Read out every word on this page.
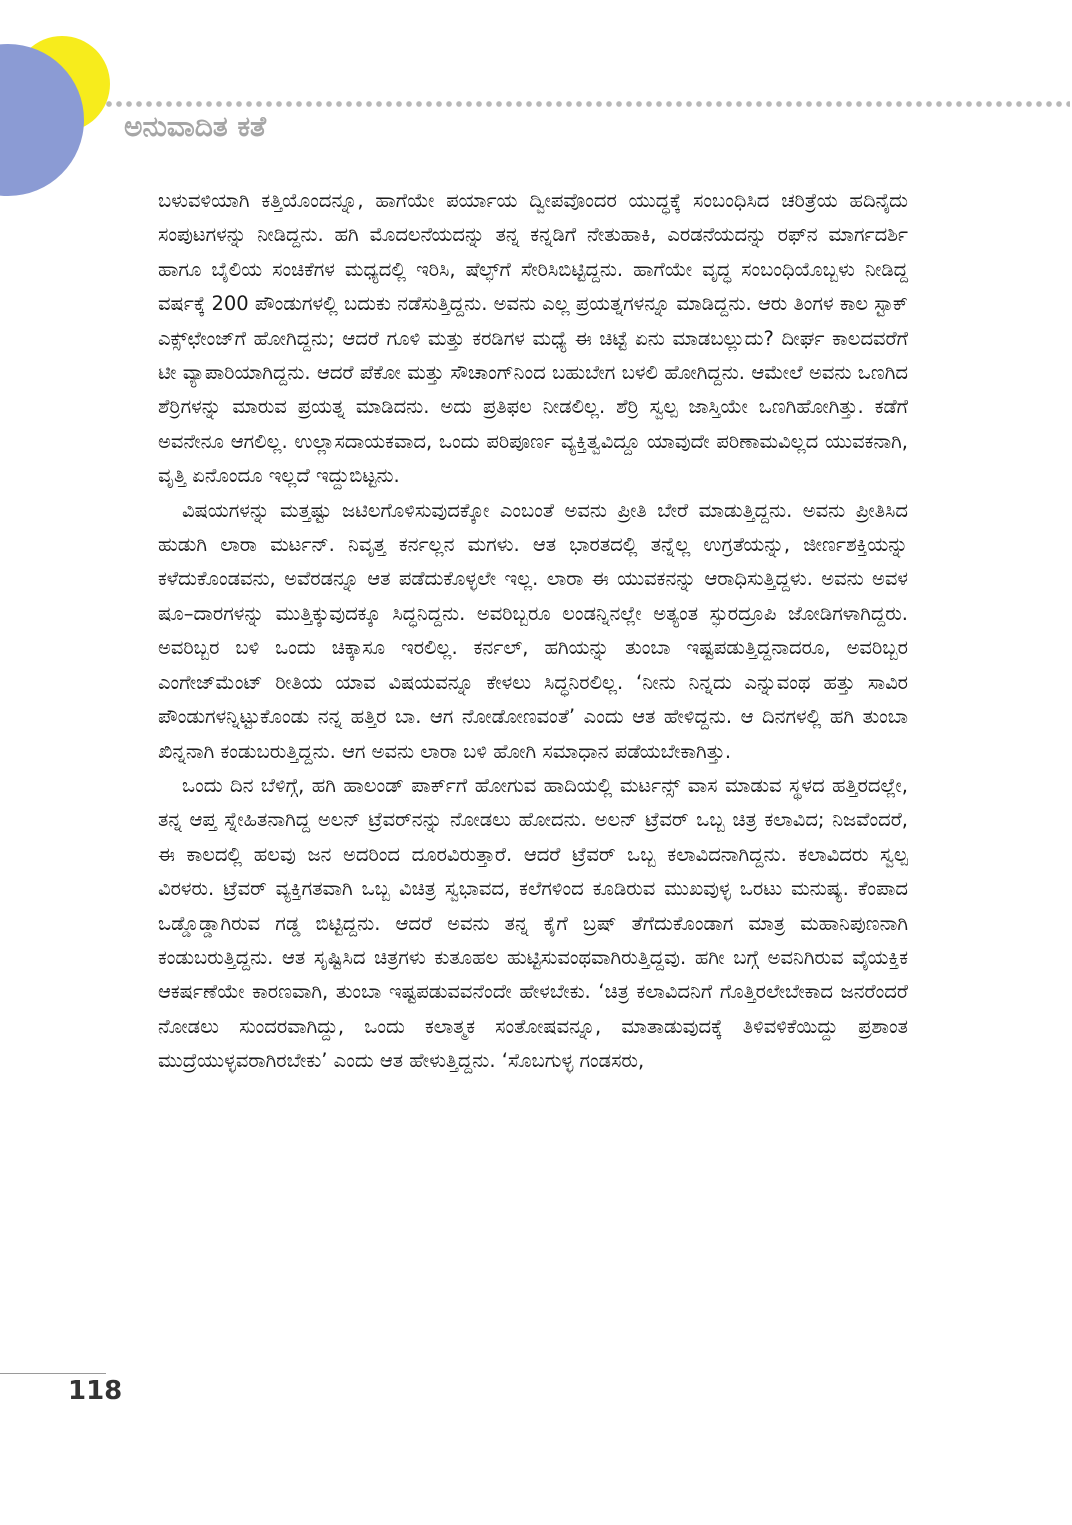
ಅನುವಾದಿತ ಕತೆ

ಬಳುವಳಿಯಾಗಿ ಕತ್ತಿಯೊಂದನ್ನೂ, ಹಾಗೆಯೇ ಪರ್ಯಾಯ ದ್ವೀಪವೊಂದರ ಯುದ್ಧಕ್ಕೆ ಸಂಬಂಧಿಸಿದ ಚರಿತ್ರೆಯ ಹದಿನೈದು ಸಂಪುಟಗಳನ್ನು ನೀಡಿದ್ದನು. ಹಗಿ ಮೊದಲನೆಯದನ್ನು ತನ್ನ ಕನ್ನಡಿಗೆ ನೇತುಹಾಕಿ, ಎರಡನೆಯದನ್ನು ರಫ್‌ನ ಮಾರ್ಗದರ್ಶಿ ಹಾಗೂ ಬೈಲಿಯ ಸಂಚಿಕೆಗಳ ಮಧ್ಯದಲ್ಲಿ ಇರಿಸಿ, ಷೆಲ್ಫ್‌ಗೆ ಸೇರಿಸಿಬಿಟ್ಟಿದ್ದನು. ಹಾಗೆಯೇ ವೃದ್ಧ ಸಂಬಂಧಿಯೊಬ್ಬಳು ನೀಡಿದ್ದ ವರ್ಷಕ್ಕೆ 200 ಪೌಂಡುಗಳಲ್ಲಿ ಬದುಕು ನಡೆಸುತ್ತಿದ್ದನು. ಅವನು ಎಲ್ಲ ಪ್ರಯತ್ನಗಳನ್ನೂ ಮಾಡಿದ್ದನು. ಆರು ತಿಂಗಳ ಕಾಲ ಸ್ಟಾಕ್ ಎಕ್ಸ್‌ಛೇಂಜ್‌ಗೆ ಹೋಗಿದ್ದನು; ಆದರೆ ಗೂಳಿ ಮತ್ತು ಕರಡಿಗಳ ಮಧ್ಯೆ ಈ ಚಿಟ್ಟೆ ಏನು ಮಾಡಬಲ್ಲುದು? ದೀರ್ಘ ಕಾಲದವರೆಗೆ ಟೀ ವ್ಯಾಪಾರಿಯಾಗಿದ್ದನು. ಆದರೆ ಪೆಕೋ ಮತ್ತು ಸೌಚಾಂಗ್‌ನಿಂದ ಬಹುಬೇಗ ಬಳಲಿ ಹೋಗಿದ್ದನು. ಆಮೇಲೆ ಅವನು ಒಣಗಿದ ಶೆರ್ರಿಗಳನ್ನು ಮಾರುವ ಪ್ರಯತ್ನ ಮಾಡಿದನು. ಅದು ಪ್ರತಿಫಲ ನೀಡಲಿಲ್ಲ. ಶೆರ್ರಿ ಸ್ವಲ್ಪ ಜಾಸ್ತಿಯೇ ಒಣಗಿಹೋಗಿತ್ತು. ಕಡೆಗೆ ಅವನೇನೂ ಆಗಲಿಲ್ಲ. ಉಲ್ಲಾಸದಾಯಕವಾದ, ಒಂದು ಪರಿಪೂರ್ಣ ವ್ಯಕ್ತಿತ್ವವಿದ್ದೂ ಯಾವುದೇ ಪರಿಣಾಮವಿಲ್ಲದ ಯುವಕನಾಗಿ, ವೃತ್ತಿ ಏನೊಂದೂ ಇಲ್ಲದೆ ಇದ್ದುಬಿಟ್ಟನು.

ವಿಷಯಗಳನ್ನು ಮತ್ತಷ್ಟು ಜಟಿಲಗೊಳಿಸುವುದಕ್ಕೋ ಎಂಬಂತೆ ಅವನು ಪ್ರೀತಿ ಬೇರೆ ಮಾಡುತ್ತಿದ್ದನು. ಅವನು ಪ್ರೀತಿಸಿದ ಹುಡುಗಿ ಲಾರಾ ಮರ್ಟನ್. ನಿವೃತ್ತ ಕರ್ನಲ್ಲನ ಮಗಳು. ಆತ ಭಾರತದಲ್ಲಿ ತನ್ನೆಲ್ಲ ಉಗ್ರತೆಯನ್ನು, ಜೀರ್ಣಶಕ್ತಿಯನ್ನು ಕಳೆದುಕೊಂಡವನು, ಅವೆರಡನ್ನೂ ಆತ ಪಡೆದುಕೊಳ್ಳಲೇ ಇಲ್ಲ. ಲಾರಾ ಈ ಯುವಕನನ್ನು ಆರಾಧಿಸುತ್ತಿದ್ದಳು. ಅವನು ಅವಳ ಷೂ–ದಾರಗಳನ್ನು ಮುತ್ತಿಕ್ಕುವುದಕ್ಕೂ ಸಿದ್ಧನಿದ್ದನು. ಅವರಿಬ್ಬರೂ ಲಂಡನ್ನಿನಲ್ಲೇ ಅತ್ಯಂತ ಸ್ಫುರದ್ರೂಪಿ ಜೋಡಿಗಳಾಗಿದ್ದರು. ಅವರಿಬ್ಬರ ಬಳಿ ಒಂದು ಚಿಕ್ಕಾಸೂ ಇರಲಿಲ್ಲ. ಕರ್ನಲ್, ಹಗಿಯನ್ನು ತುಂಬಾ ಇಷ್ಟಪಡುತ್ತಿದ್ದನಾದರೂ, ಅವರಿಬ್ಬರ ಎಂಗೇಜ್‌ಮೆಂಟ್ ರೀತಿಯ ಯಾವ ವಿಷಯವನ್ನೂ ಕೇಳಲು ಸಿದ್ಧನಿರಲಿಲ್ಲ. ‘ನೀನು ನಿನ್ನದು ಎನ್ನುವಂಥ ಹತ್ತು ಸಾವಿರ ಪೌಂಡುಗಳನ್ನಿಟ್ಟುಕೊಂಡು ನನ್ನ ಹತ್ತಿರ ಬಾ. ಆಗ ನೋಡೋಣವಂತೆ’ ಎಂದು ಆತ ಹೇಳಿದ್ದನು. ಆ ದಿನಗಳಲ್ಲಿ ಹಗಿ ತುಂಬಾ ಖಿನ್ನನಾಗಿ ಕಂಡುಬರುತ್ತಿದ್ದನು. ಆಗ ಅವನು ಲಾರಾ ಬಳಿ ಹೋಗಿ ಸಮಾಧಾನ ಪಡೆಯಬೇಕಾಗಿತ್ತು.

ಒಂದು ದಿನ ಬೆಳಿಗ್ಗೆ, ಹಗಿ ಹಾಲಂಡ್ ಪಾರ್ಕ್‌ಗೆ ಹೋಗುವ ಹಾದಿಯಲ್ಲಿ ಮರ್ಟನ್ಸ್ ವಾಸ ಮಾಡುವ ಸ್ಥಳದ ಹತ್ತಿರದಲ್ಲೇ, ತನ್ನ ಆಪ್ತ ಸ್ನೇಹಿತನಾಗಿದ್ದ ಅಲನ್ ಟ್ರೆವರ್‌ನನ್ನು ನೋಡಲು ಹೋದನು. ಅಲನ್ ಟ್ರೆವರ್ ಒಬ್ಬ ಚಿತ್ರ ಕಲಾವಿದ; ನಿಜವೆಂದರೆ, ಈ ಕಾಲದಲ್ಲಿ ಹಲವು ಜನ ಅದರಿಂದ ದೂರವಿರುತ್ತಾರೆ. ಆದರೆ ಟ್ರೆವರ್ ಒಬ್ಬ ಕಲಾವಿದನಾಗಿದ್ದನು. ಕಲಾವಿದರು ಸ್ವಲ್ಪ ವಿರಳರು. ಟ್ರೆವರ್ ವ್ಯಕ್ತಿಗತವಾಗಿ ಒಬ್ಬ ವಿಚಿತ್ರ ಸ್ವಭಾವದ, ಕಲೆಗಳಿಂದ ಕೂಡಿರುವ ಮುಖವುಳ್ಳ ಒರಟು ಮನುಷ್ಯ. ಕೆಂಪಾದ ಒಡ್ಡೊಡ್ಡಾಗಿರುವ ಗಡ್ಡ ಬಿಟ್ಟಿದ್ದನು. ಆದರೆ ಅವನು ತನ್ನ ಕೈಗೆ ಬ್ರಷ್ ತೆಗೆದುಕೊಂಡಾಗ ಮಾತ್ರ ಮಹಾನಿಪುಣನಾಗಿ ಕಂಡುಬರುತ್ತಿದ್ದನು. ಆತ ಸೃಷ್ಟಿಸಿದ ಚಿತ್ರಗಳು ಕುತೂಹಲ ಹುಟ್ಟಿಸುವಂಥವಾಗಿರುತ್ತಿದ್ದವು. ಹಗೀ ಬಗ್ಗೆ ಅವನಿಗಿರುವ ವೈಯಕ್ತಿಕ ಆಕರ್ಷಣೆಯೇ ಕಾರಣವಾಗಿ, ತುಂಬಾ ಇಷ್ಟಪಡುವವನೆಂದೇ ಹೇಳಬೇಕು. ‘ಚಿತ್ರ ಕಲಾವಿದನಿಗೆ ಗೊತ್ತಿರಲೇಬೇಕಾದ ಜನರೆಂದರೆ ನೋಡಲು ಸುಂದರವಾಗಿದ್ದು, ಒಂದು ಕಲಾತ್ಮಕ ಸಂತೋಷವನ್ನೂ, ಮಾತಾಡುವುದಕ್ಕೆ ತಿಳಿವಳಿಕೆಯಿದ್ದು ಪ್ರಶಾಂತ ಮುದ್ರೆಯುಳ್ಳವರಾಗಿರಬೇಕು’ ಎಂದು ಆತ ಹೇಳುತ್ತಿದ್ದನು. ‘ಸೊಬಗುಳ್ಳ ಗಂಡಸರು,

118
